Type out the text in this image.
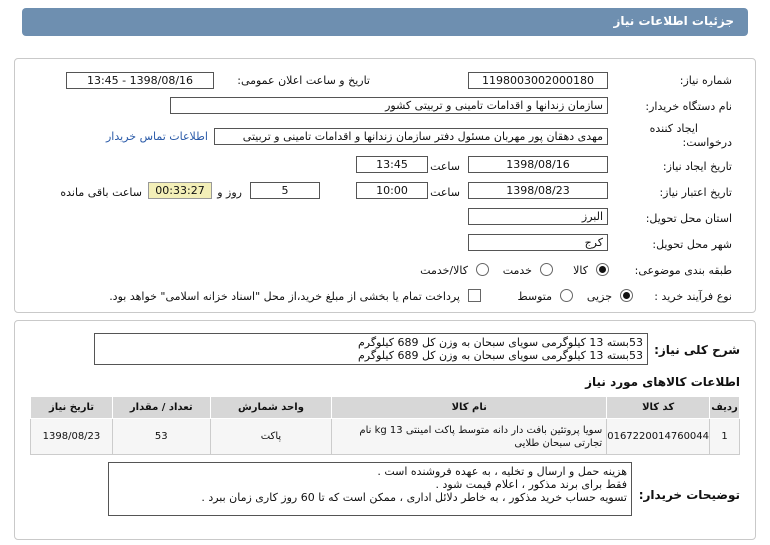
جزئیات اطلاعات نیاز
شماره نیاز:
1198003002000180
تاریخ و ساعت اعلان عمومی:
1398/08/16 - 13:45
نام دستگاه خریدار:
سازمان زندانها و اقدامات تامینی و تربیتی کشور
ایجاد کننده
درخواست:
مهدی دهقان پور مهربان مسئول دفتر سازمان زندانها و اقدامات تامینی و تربیتی
اطلاعات تماس خریدار
تاریخ ایجاد نیاز:
1398/08/16
ساعت
13:45
تاریخ اعتبار نیاز:
1398/08/23
ساعت
10:00
5
روز و
00:33:27
ساعت باقی مانده
استان محل تحویل:
البرز
شهر محل تحویل:
کرج
طبقه بندی موضوعی:
کالا
خدمت
کالا/خدمت
نوع فرآیند خرید :
جزیی
متوسط
پرداخت تمام یا بخشی از مبلغ خرید،از محل "اسناد خزانه اسلامی" خواهد بود.
شرح کلی نیاز:
53بسته 13 کیلوگرمی سویای سبحان به وزن کل 689 کیلوگرم
53بسته 13 کیلوگرمی سویای سبحان به وزن کل 689 کیلوگرم
اطلاعات کالاهای مورد نیاز
ردیف	کد کالا	نام کالا	واحد شمارش	تعداد / مقدار	تاریخ نیاز
1	0167220014760044	سویا پروتئین بافت دار دانه متوسط پاکت امینتی 13 kg نام تجارتی سبحان طلایی	پاکت	53	1398/08/23
توضیحات خریدار:
هزینه حمل و ارسال و تخلیه ، به عهده فروشنده است .
فقط برای برند مذکور ، اعلام قیمت شود .
تسویه حساب خرید مذکور ، به خاطر دلائل اداری ، ممکن است که تا 60 روز کاری زمان ببرد .
